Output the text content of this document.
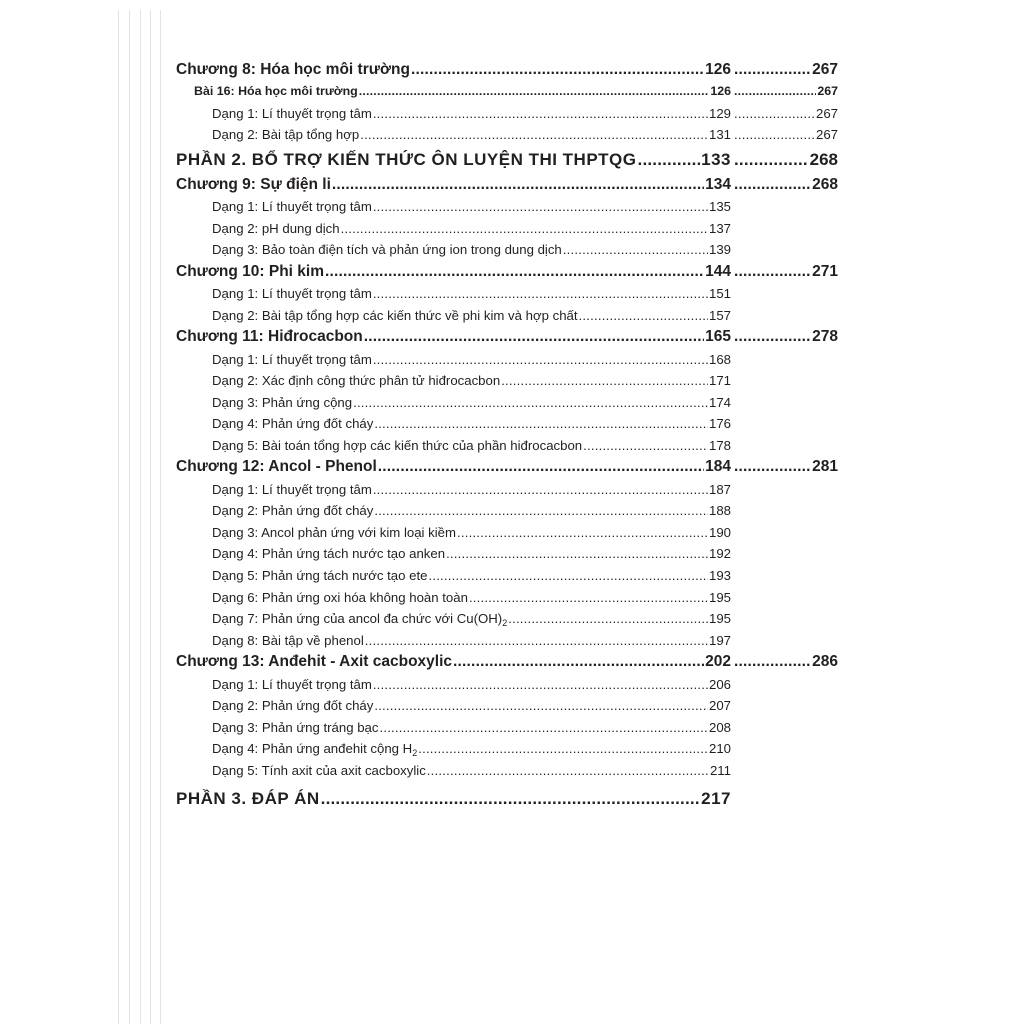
Chương 8: Hóa học môi trường .....	126 .....	267
Bài 16: Hóa học môi trường .....	126 .....	267
Dạng 1: Lí thuyết trọng tâm .....	129 .....	267
Dạng 2: Bài tập tổng hợp .....	131 .....	267
PHẦN 2. BỔ TRỢ KIẾN THỨC ÔN LUYỆN THI THPTQG .....	133 .....	268
Chương 9: Sự điện li .....	134 .....	268
Dạng 1: Lí thuyết trọng tâm .....	135
Dạng 2: pH dung dịch .....	137
Dạng 3: Bảo toàn điện tích và phản ứng ion trong dung dịch .....	139
Chương 10: Phi kim .....	144 .....	271
Dạng 1: Lí thuyết trọng tâm .....	151
Dạng 2: Bài tập tổng hợp các kiến thức về phi kim và hợp chất .....	157
Chương 11: Hiđrocacbon .....	165 .....	278
Dạng 1: Lí thuyết trọng tâm .....	168
Dạng 2: Xác định công thức phân tử hiđrocacbon .....	171
Dạng 3: Phản ứng cộng .....	174
Dạng 4: Phản ứng đốt cháy .....	176
Dạng 5: Bài toán tổng hợp các kiến thức của phần hiđrocacbon .....	178
Chương 12: Ancol - Phenol .....	184 .....	281
Dạng 1: Lí thuyết trọng tâm .....	187
Dạng 2: Phản ứng đốt cháy .....	188
Dạng 3: Ancol phản ứng với kim loại kiềm .....	190
Dạng 4: Phản ứng tách nước tạo anken .....	192
Dạng 5: Phản ứng tách nước tạo ete .....	193
Dạng 6: Phản ứng oxi hóa không hoàn toàn .....	195
Dạng 7: Phản ứng của ancol đa chức với $Cu(OH)_2$ .....	195
Dạng 8: Bài tập về phenol .....	197
Chương 13: Anđehit - Axit cacboxylic .....	202 .....	286
Dạng 1: Lí thuyết trọng tâm .....	206
Dạng 2: Phản ứng đốt cháy .....	207
Dạng 3: Phản ứng tráng bạc .....	208
Dạng 4: Phản ứng anđehit cộng $H_2$ .....	210
Dạng 5: Tính axit của axit cacboxylic .....	211
PHẦN 3. ĐÁP ÁN .....	217
